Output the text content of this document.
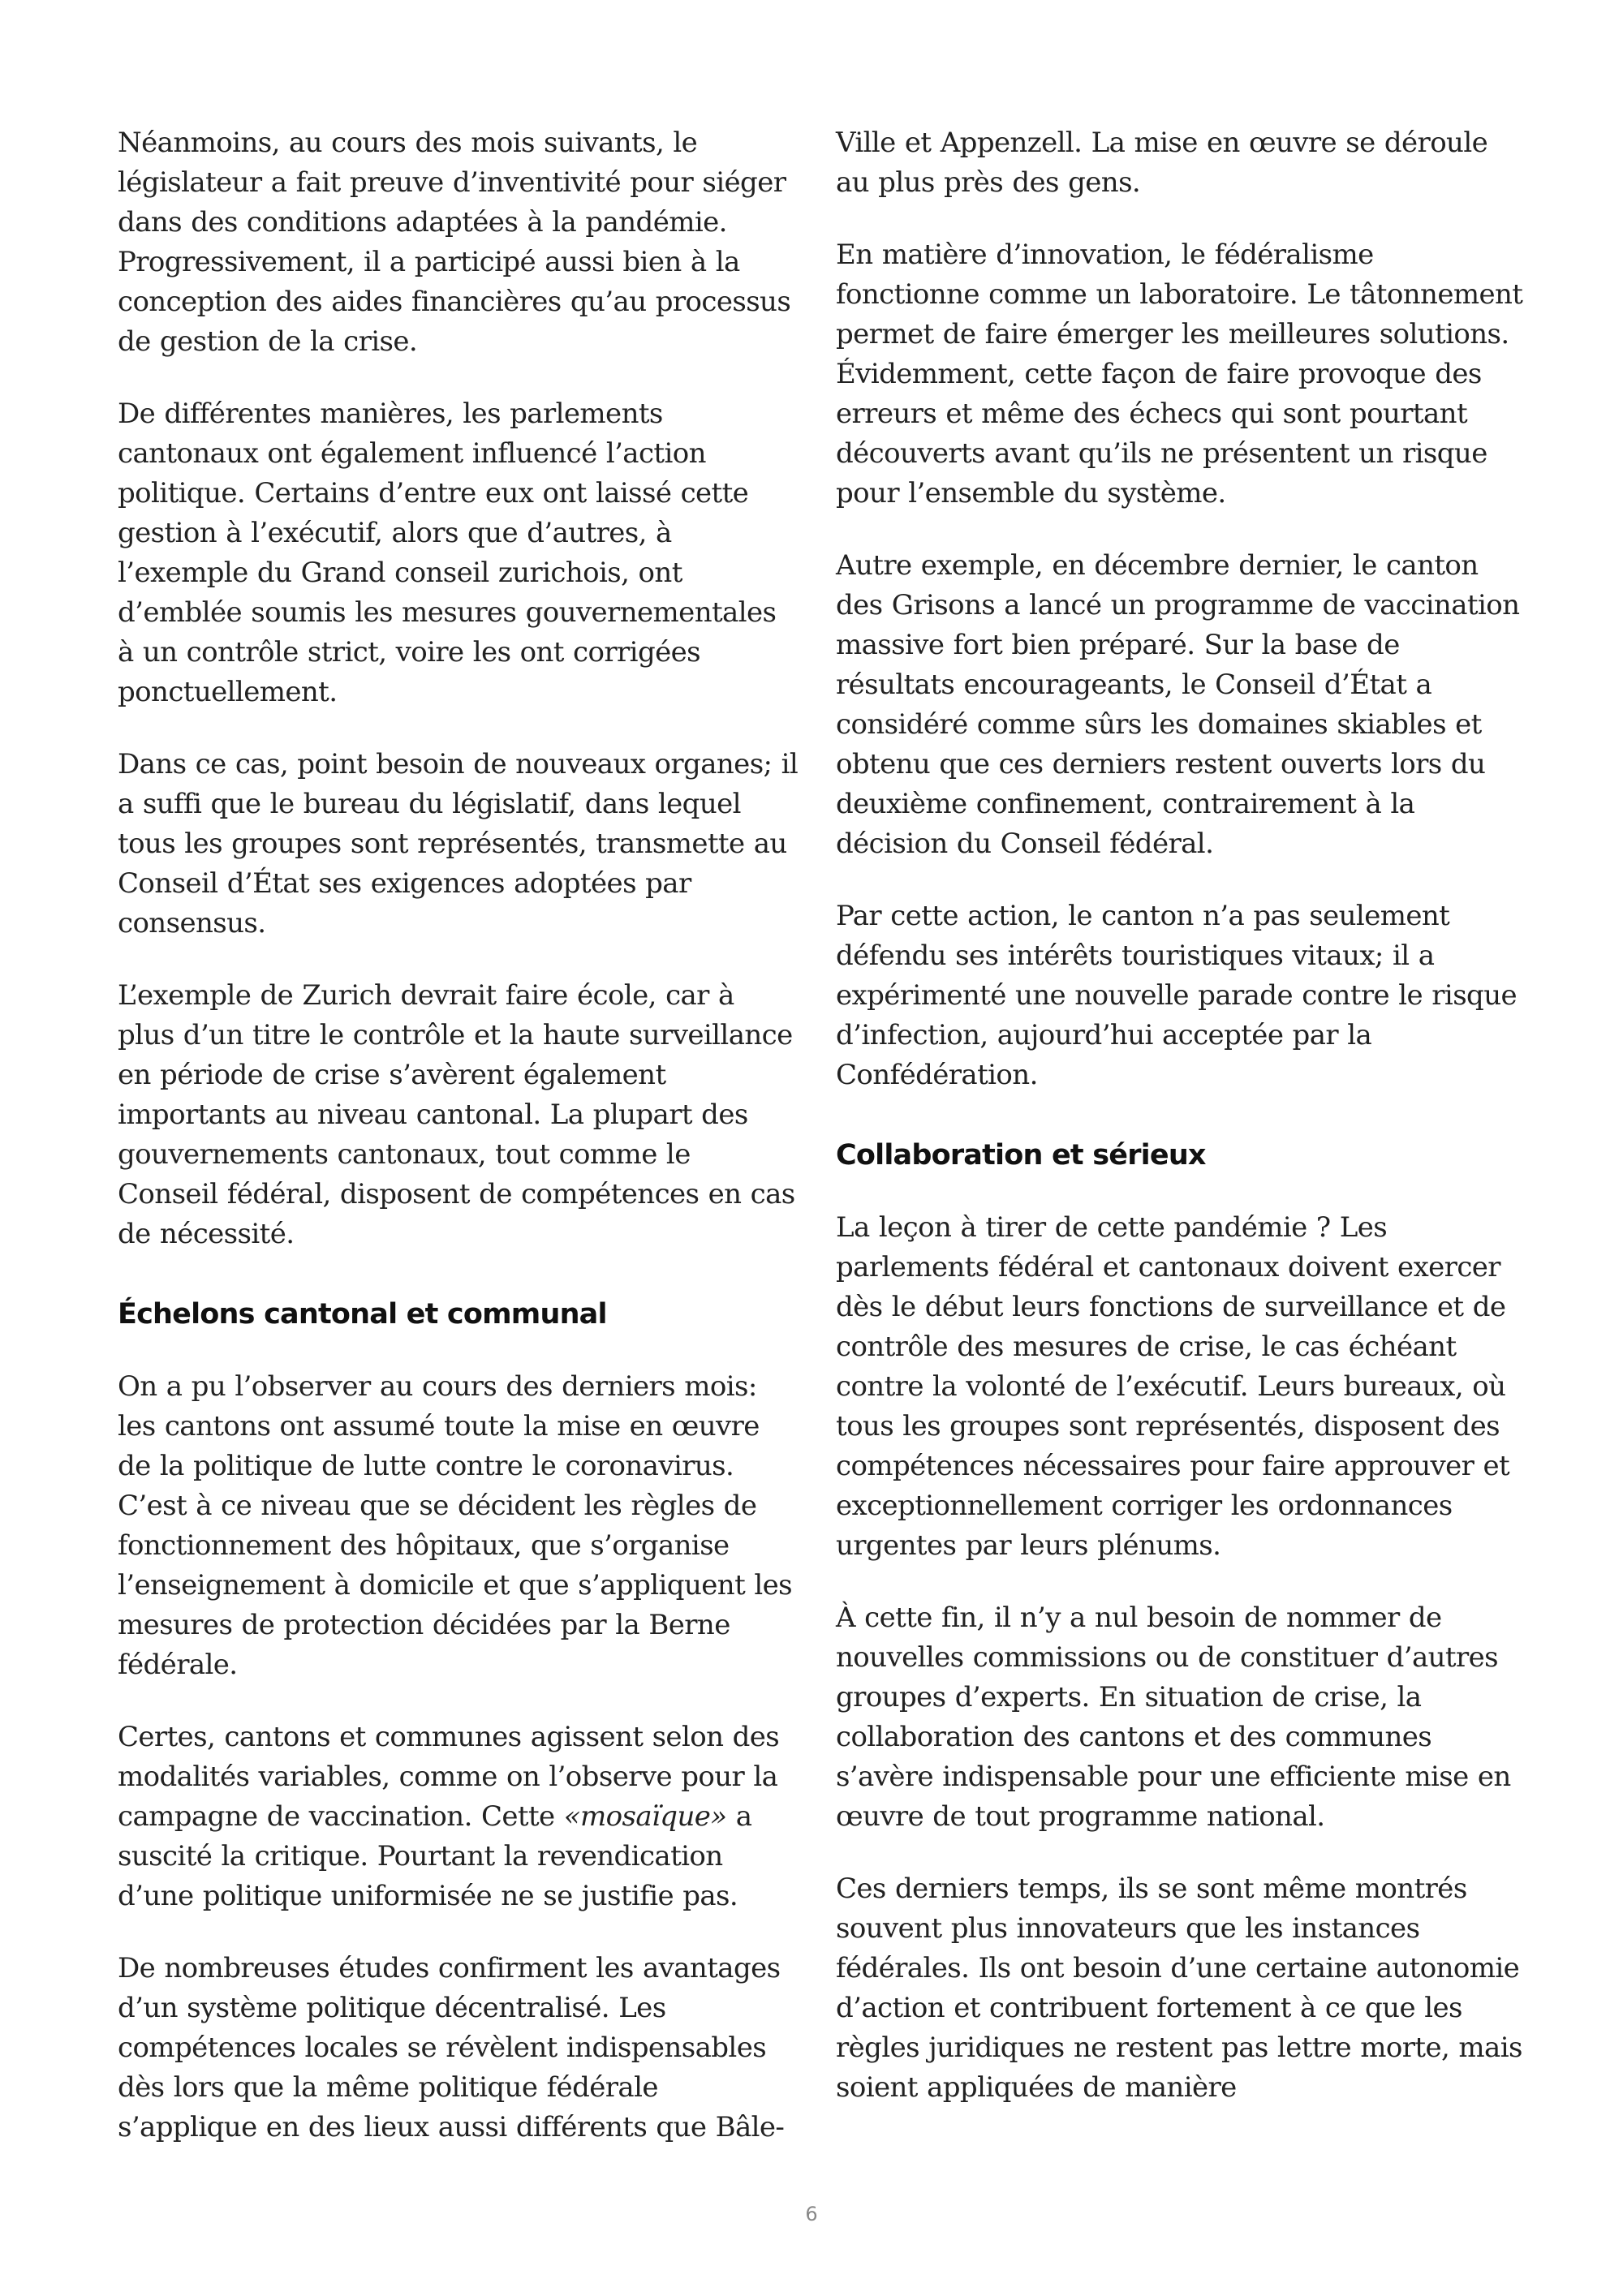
Néanmoins, au cours des mois suivants, le législateur a fait preuve d’inventivité pour siéger dans des conditions adaptées à la pandémie. Progressivement, il a participé aussi bien à la conception des aides financières qu’au processus de gestion de la crise.

De différentes manières, les parlements cantonaux ont également influencé l’action politique. Certains d’entre eux ont laissé cette gestion à l’exécutif, alors que d’autres, à l’exemple du Grand conseil zurichois, ont d’emblée soumis les mesures gouvernementales à un contrôle strict, voire les ont corrigées ponctuellement.

Dans ce cas, point besoin de nouveaux organes; il a suffi que le bureau du législatif, dans lequel tous les groupes sont représentés, transmette au Conseil d’État ses exigences adoptées par consensus.

L’exemple de Zurich devrait faire école, car à plus d’un titre le contrôle et la haute surveillance en période de crise s’avèrent également importants au niveau cantonal. La plupart des gouvernements cantonaux, tout comme le Conseil fédéral, disposent de compétences en cas de nécessité.

Échelons cantonal et communal

On a pu l’observer au cours des derniers mois: les cantons ont assumé toute la mise en œuvre de la politique de lutte contre le coronavirus. C’est à ce niveau que se décident les règles de fonctionnement des hôpitaux, que s’organise l’enseignement à domicile et que s’appliquent les mesures de protection décidées par la Berne fédérale.

Certes, cantons et communes agissent selon des modalités variables, comme on l’observe pour la campagne de vaccination. Cette «mosaïque» a suscité la critique. Pourtant la revendication d’une politique uniformisée ne se justifie pas.

De nombreuses études confirment les avantages d’un système politique décentralisé. Les compétences locales se révèlent indispensables dès lors que la même politique fédérale s’applique en des lieux aussi différents que Bâle-

Ville et Appenzell. La mise en œuvre se déroule au plus près des gens.

En matière d’innovation, le fédéralisme fonctionne comme un laboratoire. Le tâtonnement permet de faire émerger les meilleures solutions. Évidemment, cette façon de faire provoque des erreurs et même des échecs qui sont pourtant découverts avant qu’ils ne présentent un risque pour l’ensemble du système.

Autre exemple, en décembre dernier, le canton des Grisons a lancé un programme de vaccination massive fort bien préparé. Sur la base de résultats encourageants, le Conseil d’État a considéré comme sûrs les domaines skiables et obtenu que ces derniers restent ouverts lors du deuxième confinement, contrairement à la décision du Conseil fédéral.

Par cette action, le canton n’a pas seulement défendu ses intérêts touristiques vitaux; il a expérimenté une nouvelle parade contre le risque d’infection, aujourd’hui acceptée par la Confédération.

Collaboration et sérieux

La leçon à tirer de cette pandémie ? Les parlements fédéral et cantonaux doivent exercer dès le début leurs fonctions de surveillance et de contrôle des mesures de crise, le cas échéant contre la volonté de l’exécutif. Leurs bureaux, où tous les groupes sont représentés, disposent des compétences nécessaires pour faire approuver et exceptionnellement corriger les ordonnances urgentes par leurs plénums.

À cette fin, il n’y a nul besoin de nommer de nouvelles commissions ou de constituer d’autres groupes d’experts. En situation de crise, la collaboration des cantons et des communes s’avère indispensable pour une efficiente mise en œuvre de tout programme national.

Ces derniers temps, ils se sont même montrés souvent plus innovateurs que les instances fédérales. Ils ont besoin d’une certaine autonomie d’action et contribuent fortement à ce que les règles juridiques ne restent pas lettre morte, mais soient appliquées de manière

6
